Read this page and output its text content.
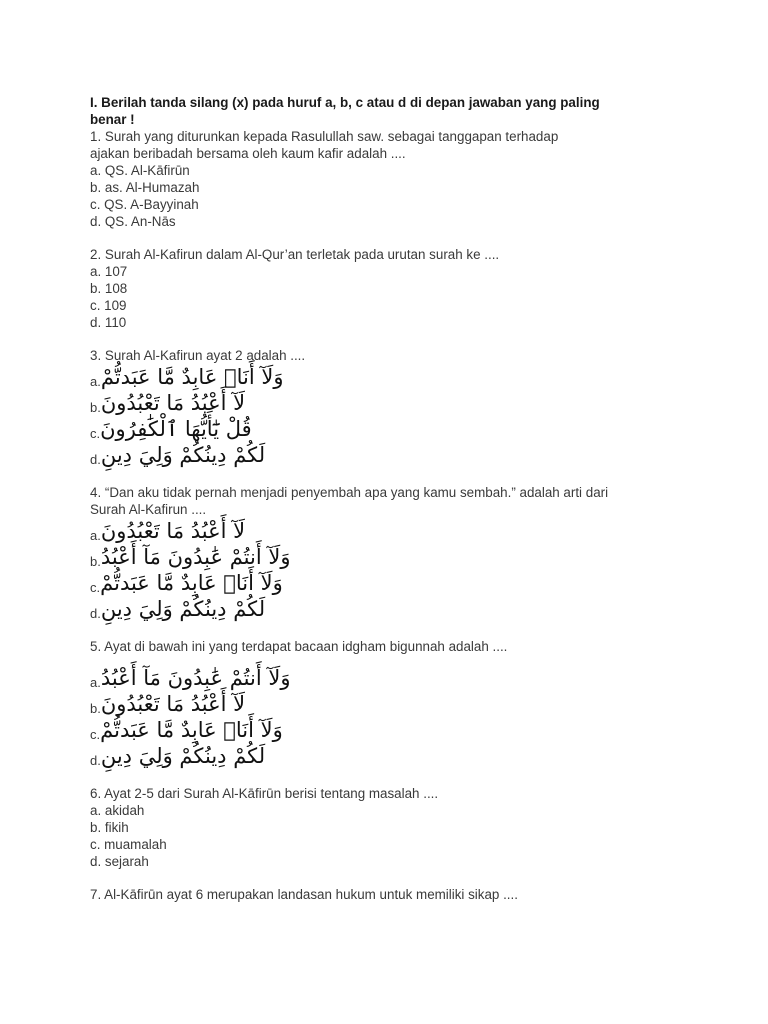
I. Berilah tanda silang (x) pada huruf a, b, c atau d di depan jawaban yang paling
benar !
1. Surah yang diturunkan kepada Rasulullah saw. sebagai tanggapan terhadap
ajakan beribadah bersama oleh kaum kafir adalah ....
a. QS. Al-Kāfirūn
b. as. Al-Humazah
c. QS. A-Bayyinah
d. QS. An-Nās
2. Surah Al-Kafirun dalam Al-Qur’an terletak pada urutan surah ke ....
a. 107
b. 108
c. 109
d. 110
3. Surah Al-Kafirun ayat 2 adalah ....
a. وَلَآ أَنَا۠ عَابِدٌ مَّا عَبَدتُّمْ
b. لَآ أَعْبُدُ مَا تَعْبُدُونَ
c. قُلْ يَٰٓأَيُّهَا ٱلْكَٰفِرُونَ
d. لَكُمْ دِينُكُمْ وَلِيَ دِينِ
4. “Dan aku tidak pernah menjadi penyembah apa yang kamu sembah.” adalah arti dari
Surah Al-Kafirun ....
a. لَآ أَعْبُدُ مَا تَعْبُدُونَ
b. وَلَآ أَنتُمْ عَٰبِدُونَ مَآ أَعْبُدُ
c. وَلَآ أَنَا۠ عَابِدٌ مَّا عَبَدتُّمْ
d. لَكُمْ دِينُكُمْ وَلِيَ دِينِ
5. Ayat di bawah ini yang terdapat bacaan idgham bigunnah adalah ....
a. وَلَآ أَنتُمْ عَٰبِدُونَ مَآ أَعْبُدُ
b. لَآ أَعْبُدُ مَا تَعْبُدُونَ
c. وَلَآ أَنَا۠ عَابِدٌ مَّا عَبَدتُّمْ
d. لَكُمْ دِينُكُمْ وَلِيَ دِينِ
6. Ayat 2-5 dari Surah Al-Kāfirūn berisi tentang masalah ....
a. akidah
b. fikih
c. muamalah
d. sejarah
7. Al-Kāfirūn ayat 6 merupakan landasan hukum untuk memiliki sikap ....
